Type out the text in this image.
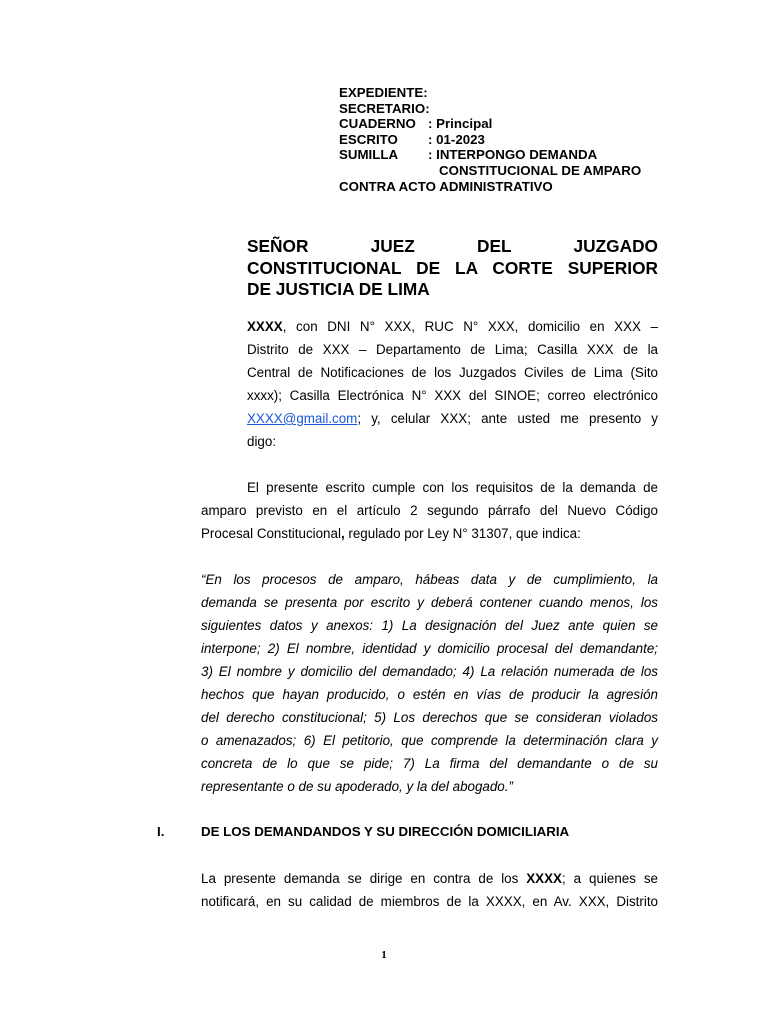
EXPEDIENTE:
SECRETARIO:
CUADERNO : Principal
ESCRITO : 01-2023
SUMILLA : INTERPONGO DEMANDA
CONSTITUCIONAL DE AMPARO
CONTRA ACTO ADMINISTRATIVO
SEÑOR JUEZ DEL JUZGADO
CONSTITUCIONAL DE LA CORTE SUPERIOR
DE JUSTICIA DE LIMA
XXXX, con DNI N° XXX, RUC N° XXX, domicilio en XXX –
Distrito de XXX – Departamento de Lima; Casilla XXX de la
Central de Notificaciones de los Juzgados Civiles de Lima (Sito
xxxx); Casilla Electrónica N° XXX del SINOE; correo electrónico
XXXX@gmail.com; y, celular XXX; ante usted me presento y
digo:
El presente escrito cumple con los requisitos de la demanda de
amparo previsto en el artículo 2 segundo párrafo del Nuevo Código
Procesal Constitucional, regulado por Ley N° 31307, que indica:
“En los procesos de amparo, hábeas data y de cumplimiento, la
demanda se presenta por escrito y deberá contener cuando menos, los
siguientes datos y anexos: 1) La designación del Juez ante quien se
interpone; 2) El nombre, identidad y domicilio procesal del demandante;
3) El nombre y domicilio del demandado; 4) La relación numerada de los
hechos que hayan producido, o estén en vías de producir la agresión
del derecho constitucional; 5) Los derechos que se consideran violados
o amenazados; 6) El petitorio, que comprende la determinación clara y
concreta de lo que se pide; 7) La firma del demandante o de su
representante o de su apoderado, y la del abogado.”
I.	DE LOS DEMANDANDOS Y SU DIRECCIÓN DOMICILIARIA
La presente demanda se dirige en contra de los XXXX; a quienes se
notificará, en su calidad de miembros de la XXXX, en Av. XXX, Distrito
1
